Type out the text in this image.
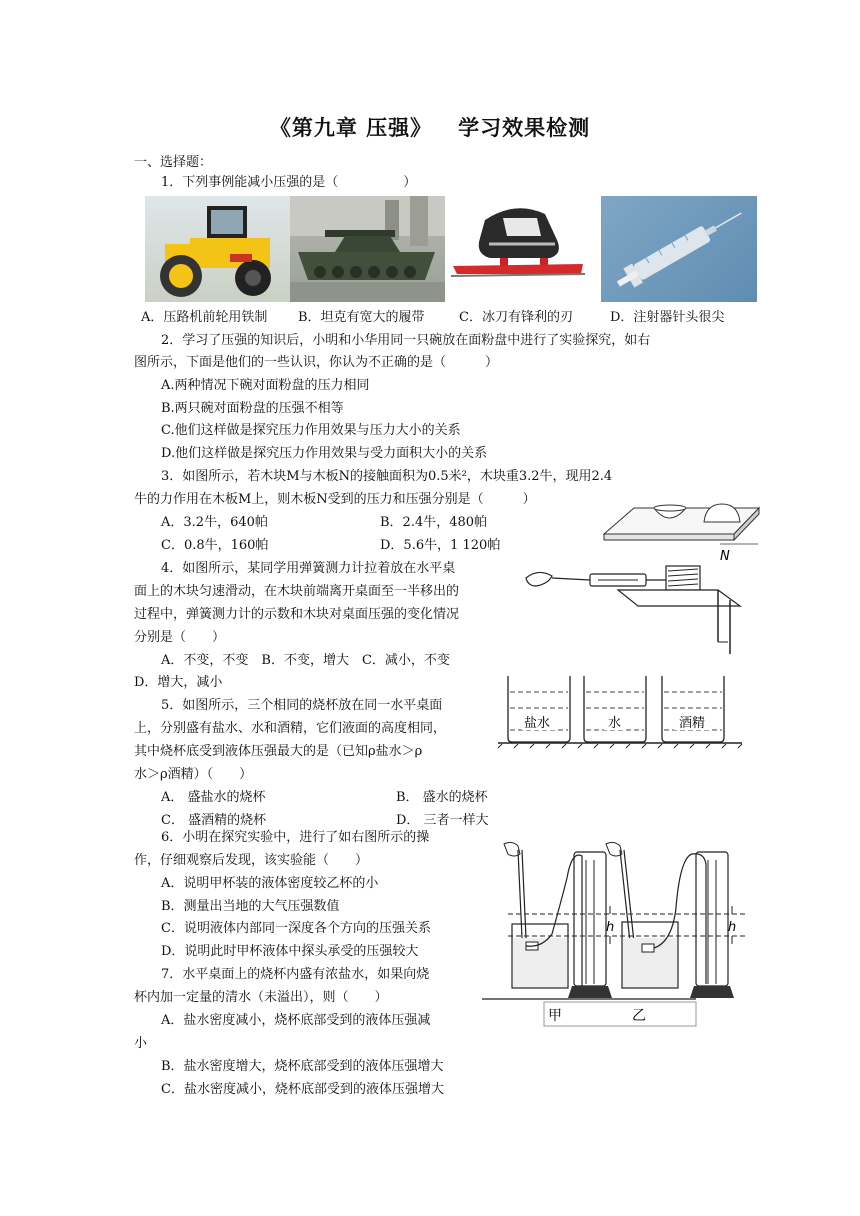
《第九章 压强》 学习效果检测
一、选择题：
1．下列事例能减小压强的是（　　　　　）
A．压路机前轮用铁制 B．坦克有宽大的履带	C．冰刀有锋利的刃	D．注射器针头很尖
2．学习了压强的知识后，小明和小华用同一只碗放在面粉盘中进行了实验探究，如右
图所示，下面是他们的一些认识，你认为不正确的是（　　　）
A.两种情况下碗对面粉盘的压力相同
B.两只碗对面粉盘的压强不相等
C.他们这样做是探究压力作用效果与压力大小的关系
D.他们这样做是探究压力作用效果与受力面积大小的关系
3．如图所示，若木块M与木板N的接触面积为0.5米²，木块重3.2牛，现用2.4
牛的力作用在木板M上，则木板N受到的压力和压强分别是（　　　）
A．3.2牛，640帕	B．2.4牛，480帕
C．0.8牛，160帕	D．5.6牛，1 120帕
N
4．如图所示，某同学用弹簧测力计拉着放在水平桌
面上的木块匀速滑动，在木块前端离开桌面至一半移出的
过程中，弹簧测力计的示数和木块对桌面压强的变化情况
分别是（　　）
A．不变，不变　B．不变，增大　C．减小，不变
D．增大，减小
5．如图所示，三个相同的烧杯放在同一水平桌面
上，分别盛有盐水、水和酒精，它们液面的高度相同，
其中烧杯底受到液体压强最大的是（已知ρ盐水＞ρ
水＞ρ酒精）（　　）
A． 盛盐水的烧杯	B． 盛水的烧杯
C． 盛酒精的烧杯	D． 三者一样大
盐水	水	酒精
6．小明在探究实验中，进行了如右图所示的操
作，仔细观察后发现，该实验能（　　）
A．说明甲杯装的液体密度较乙杯的小
B．测量出当地的大气压强数值
C．说明液体内部同一深度各个方向的压强关系
D．说明此时甲杯液体中探头承受的压强较大
h	h
甲	乙
7．水平桌面上的烧杯内盛有浓盐水，如果向烧
杯内加一定量的清水（未溢出），则（　　）
A．盐水密度减小，烧杯底部受到的液体压强减
小
B．盐水密度增大，烧杯底部受到的液体压强增大
C．盐水密度减小，烧杯底部受到的液体压强增大
